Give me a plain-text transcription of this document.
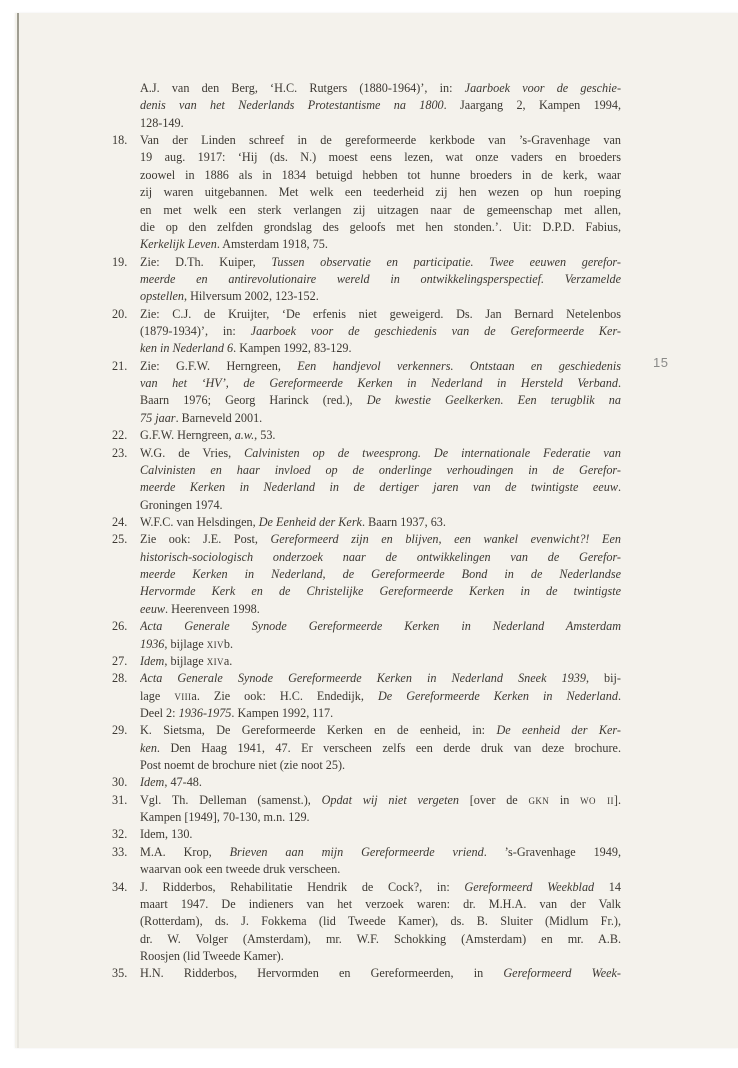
15
A.J. van den Berg, ‘H.C. Rutgers (1880-1964)’, in: Jaarboek voor de geschie-
denis van het Nederlands Protestantisme na 1800. Jaargang 2, Kampen 1994,
128-149.
18.	Van der Linden schreef in de gereformeerde kerkbode van ’s-Gravenhage van
19 aug. 1917: ‘Hij (ds. N.) moest eens lezen, wat onze vaders en broeders
zoowel in 1886 als in 1834 betuigd hebben tot hunne broeders in de kerk, waar
zij waren uitgebannen. Met welk een teederheid zij hen wezen op hun roeping
en met welk een sterk verlangen zij uitzagen naar de gemeenschap met allen,
die op den zelfden grondslag des geloofs met hen stonden.’. Uit: D.P.D. Fabius,
Kerkelijk Leven. Amsterdam 1918, 75.
19.	Zie: D.Th. Kuiper, Tussen observatie en participatie. Twee eeuwen gerefor-
meerde en antirevolutionaire wereld in ontwikkelingsperspectief. Verzamelde
opstellen, Hilversum 2002, 123-152.
20.	Zie: C.J. de Kruijter, ‘De erfenis niet geweigerd. Ds. Jan Bernard Netelenbos
(1879-1934)’, in: Jaarboek voor de geschiedenis van de Gereformeerde Ker-
ken in Nederland 6. Kampen 1992, 83-129.
21.	Zie: G.F.W. Herngreen, Een handjevol verkenners. Ontstaan en geschiedenis
van het ‘HV’, de Gereformeerde Kerken in Nederland in Hersteld Verband.
Baarn 1976; Georg Harinck (red.), De kwestie Geelkerken. Een terugblik na
75 jaar. Barneveld 2001.
22.	G.F.W. Herngreen, a.w., 53.
23.	W.G. de Vries, Calvinisten op de tweesprong. De internationale Federatie van
Calvinisten en haar invloed op de onderlinge verhoudingen in de Gerefor-
meerde Kerken in Nederland in de dertiger jaren van de twintigste eeuw.
Groningen 1974.
24.	W.F.C. van Helsdingen, De Eenheid der Kerk. Baarn 1937, 63.
25.	Zie ook: J.E. Post, Gereformeerd zijn en blijven, een wankel evenwicht?! Een
historisch-sociologisch onderzoek naar de ontwikkelingen van de Gerefor-
meerde Kerken in Nederland, de Gereformeerde Bond in de Nederlandse
Hervormde Kerk en de Christelijke Gereformeerde Kerken in de twintigste
eeuw. Heerenveen 1998.
26.	Acta Generale Synode Gereformeerde Kerken in Nederland Amsterdam
1936, bijlage xivb.
27.	Idem, bijlage xiva.
28.	Acta Generale Synode Gereformeerde Kerken in Nederland Sneek 1939, bij-
lage viiia. Zie ook: H.C. Endedijk, De Gereformeerde Kerken in Nederland.
Deel 2: 1936-1975. Kampen 1992, 117.
29.	K. Sietsma, De Gereformeerde Kerken en de eenheid, in: De eenheid der Ker-
ken. Den Haag 1941, 47. Er verscheen zelfs een derde druk van deze brochure.
Post noemt de brochure niet (zie noot 25).
30.	Idem, 47-48.
31.	Vgl. Th. Delleman (samenst.), Opdat wij niet vergeten [over de gkn in wo ii].
Kampen [1949], 70-130, m.n. 129.
32.	Idem, 130.
33.	M.A. Krop, Brieven aan mijn Gereformeerde vriend. ’s-Gravenhage 1949,
waarvan ook een tweede druk verscheen.
34.	J. Ridderbos, Rehabilitatie Hendrik de Cock?, in: Gereformeerd Weekblad 14
maart 1947. De indieners van het verzoek waren: dr. M.H.A. van der Valk
(Rotterdam), ds. J. Fokkema (lid Tweede Kamer), ds. B. Sluiter (Midlum Fr.),
dr. W. Volger (Amsterdam), mr. W.F. Schokking (Amsterdam) en mr. A.B.
Roosjen (lid Tweede Kamer).
35.	H.N. Ridderbos, Hervormden en Gereformeerden, in Gereformeerd Week-
